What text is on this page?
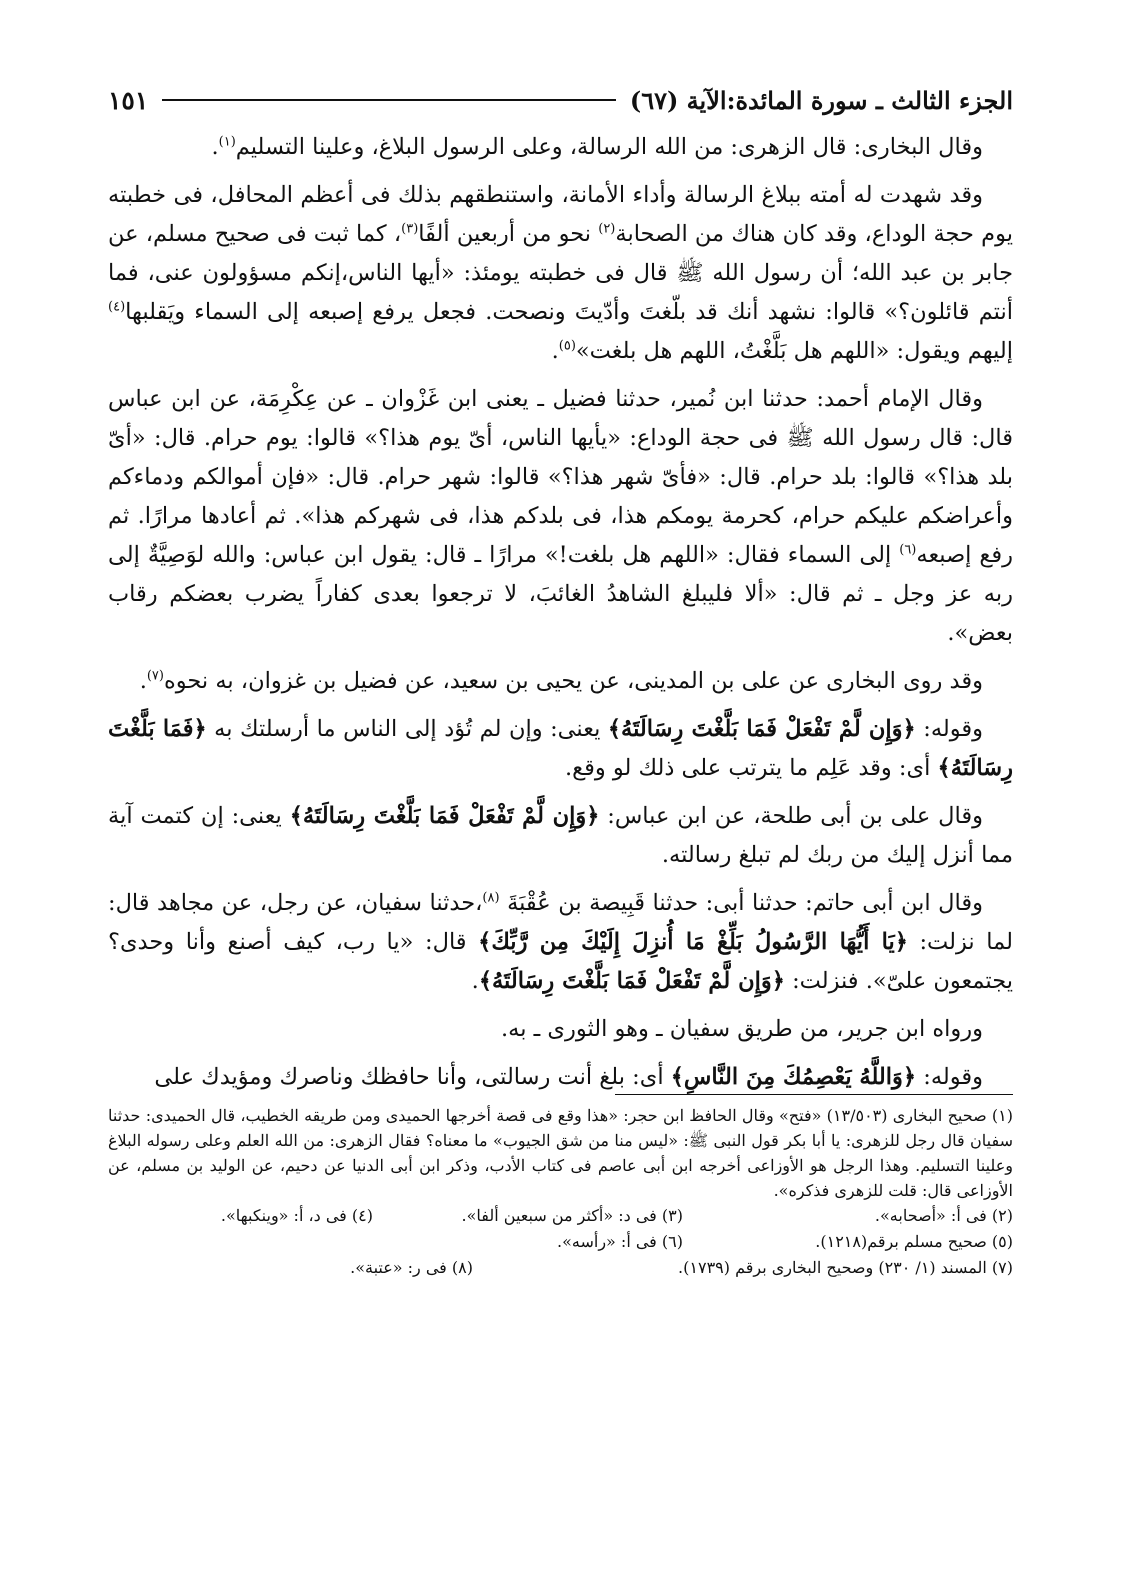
الجزء الثالث ـ سورة المائدة:الآية (٦٧)
١٥١

وقال البخارى: قال الزهرى: من الله الرسالة، وعلى الرسول البلاغ، وعلينا التسليم$^{(١)}$.

وقد شهدت له أمته ببلاغ الرسالة وأداء الأمانة، واستنطقهم بذلك فى أعظم المحافل، فى خطبته يوم حجة الوداع، وقد كان هناك من الصحابة$^{(٢)}$ نحو من أربعين ألفًا$^{(٣)}$، كما ثبت فى صحيح مسلم، عن جابر بن عبد الله؛ أن رسول الله ﷺ قال فى خطبته يومئذ: «أيها الناس،إنكم مسؤولون عنى، فما أنتم قائلون؟» قالوا: نشهد أنك قد بلّغتَ وأدّيتَ ونصحت. فجعل يرفع إصبعه إلى السماء ويَقلبها$^{(٤)}$ إليهم ويقول: «اللهم هل بَلَّغْتُ، اللهم هل بلغت»$^{(٥)}$.

وقال الإمام أحمد: حدثنا ابن نُمير، حدثنا فضيل ـ يعنى ابن غَزْوان ـ عن عِكْرِمَة، عن ابن عباس قال: قال رسول الله ﷺ فى حجة الوداع: «يأيها الناس، أىّ يوم هذا؟» قالوا: يوم حرام. قال: «أىّ بلد هذا؟» قالوا: بلد حرام. قال: «فأىّ شهر هذا؟» قالوا: شهر حرام. قال: «فإن أموالكم ودماءكم وأعراضكم عليكم حرام، كحرمة يومكم هذا، فى بلدكم هذا، فى شهركم هذا». ثم أعادها مرارًا. ثم رفع إصبعه$^{(٦)}$ إلى السماء فقال: «اللهم هل بلغت!» مرارًا ـ قال: يقول ابن عباس: والله لوَصِيَّةٌ إلى ربه عز وجل ـ ثم قال: «ألا فليبلغ الشاهدُ الغائبَ، لا ترجعوا بعدى كفاراً يضرب بعضكم رقاب بعض».

وقد روى البخارى عن على بن المدينى، عن يحيى بن سعيد، عن فضيل بن غزوان، به نحوه$^{(٧)}$.

وقوله: ﴿وَإِن لَّمْ تَفْعَلْ فَمَا بَلَّغْتَ رِسَالَتَهُ﴾ يعنى: وإن لم تُؤد إلى الناس ما أرسلتك به ﴿فَمَا بَلَّغْتَ رِسَالَتَهُ﴾ أى: وقد عَلِم ما يترتب على ذلك لو وقع.

وقال على بن أبى طلحة، عن ابن عباس: ﴿وَإِن لَّمْ تَفْعَلْ فَمَا بَلَّغْتَ رِسَالَتَهُ﴾ يعنى: إن كتمت آية مما أنزل إليك من ربك لم تبلغ رسالته.

وقال ابن أبى حاتم: حدثنا أبى: حدثنا قَبِيصة بن عُقْبَةَ $^{(٨)}$،حدثنا سفيان، عن رجل، عن مجاهد قال: لما نزلت: ﴿يَا أَيُّهَا الرَّسُولُ بَلِّغْ مَا أُنزِلَ إِلَيْكَ مِن رَّبِّكَ﴾ قال: «يا رب، كيف أصنع وأنا وحدى؟ يجتمعون علىّ». فنزلت: ﴿وَإِن لَّمْ تَفْعَلْ فَمَا بَلَّغْتَ رِسَالَتَهُ﴾.

ورواه ابن جرير، من طريق سفيان ـ وهو الثورى ـ به.

وقوله: ﴿وَاللَّهُ يَعْصِمُكَ مِنَ النَّاسِ﴾ أى: بلغ أنت رسالتى، وأنا حافظك وناصرك ومؤيدك على

(١) صحيح البخارى (١٣/٥٠٣) «فتح» وقال الحافظ ابن حجر: «هذا وقع فى قصة أخرجها الحميدى ومن طريقه الخطيب، قال الحميدى: حدثنا سفيان قال رجل للزهرى: يا أبا بكر قول النبى ﷺ: «ليس منا من شق الجيوب» ما معناه؟ فقال الزهرى: من الله العلم وعلى رسوله البلاغ وعلينا التسليم. وهذا الرجل هو الأوزاعى أخرجه ابن أبى عاصم فى كتاب الأدب، وذكر ابن أبى الدنيا عن دحيم، عن الوليد بن مسلم، عن الأوزاعى قال: قلت للزهرى فذكره».

(٢) فى أ: «أصحابه».
(٣) فى د: «أكثر من سبعين ألفا».
(٤) فى د، أ: «وينكبها».
(٥) صحيح مسلم برقم(١٢١٨).
(٦) فى أ: «رأسه».
(٧) المسند (١/ ٢٣٠) وصحيح البخارى برقم (١٧٣٩).
(٨) فى ر: «عتبة».
